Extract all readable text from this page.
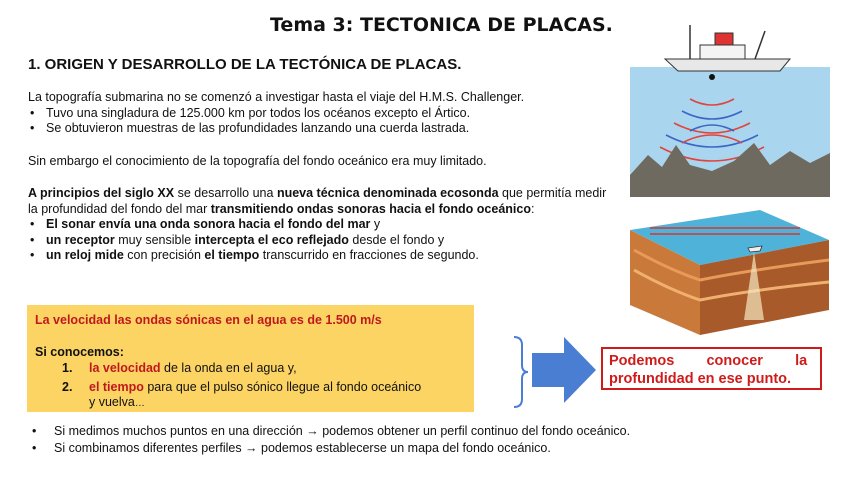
Tema 3: TECTONICA DE PLACAS.
1. ORIGEN Y DESARROLLO DE LA TECTÓNICA DE PLACAS.
La topografía submarina no se comenzó a investigar hasta el viaje del H.M.S. Challenger.
• Tuvo una singladura de 125.000 km por todos los océanos excepto el Ártico.
• Se obtuvieron muestras de las profundidades lanzando una cuerda lastrada.
Sin embargo el conocimiento de la topografía del fondo oceánico era muy limitado.
A principios del siglo XX se desarrollo una nueva técnica denominada ecosonda que permitía medir la profundidad del fondo del mar transmitiendo ondas sonoras hacia el fondo oceánico:
• El sonar envía una onda sonora hacia el fondo del mar y
• un receptor muy sensible intercepta el eco reflejado desde el fondo y
• un reloj mide con precisión el tiempo transcurrido en fracciones de segundo.
La velocidad las ondas sónicas en el agua es de 1.500 m/s
Si conocemos:
1.	la velocidad de la onda en el agua y,
2.	el tiempo para que el pulso sónico llegue al fondo oceánico
y vuelva…
Podemos        conocer        la
profundidad en ese punto.
• Si medimos muchos puntos en una dirección → podemos obtener un perfil continuo del fondo oceánico.
• Si combinamos diferentes perfiles → podemos establecerse un mapa del fondo oceánico.
